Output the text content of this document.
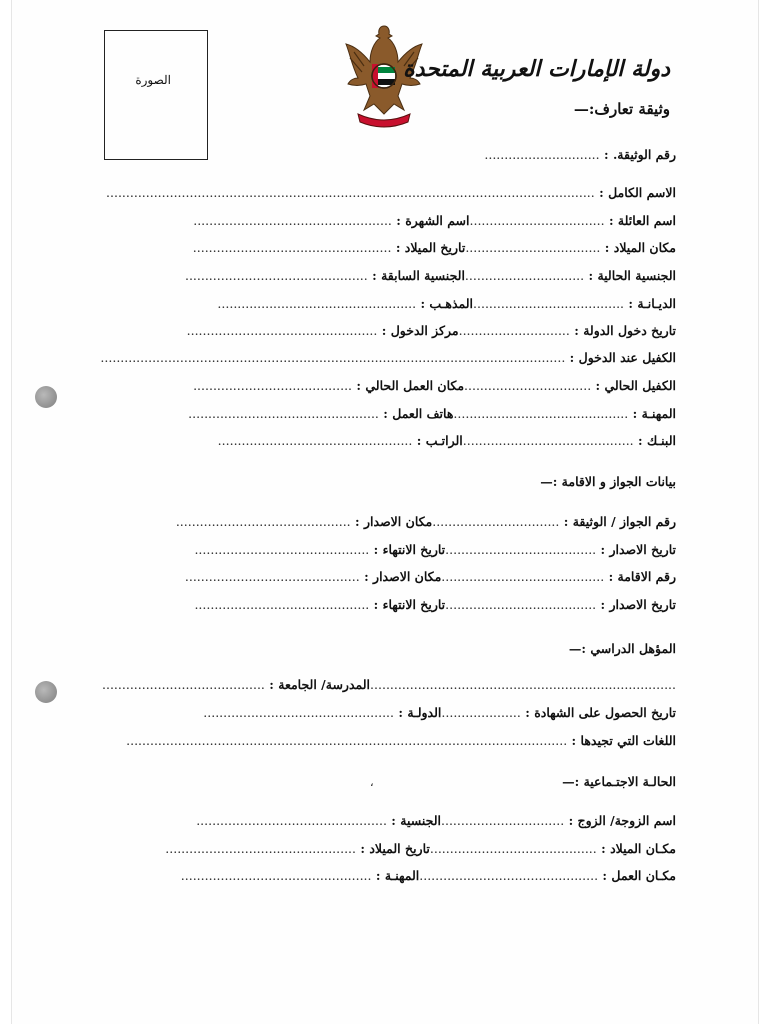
الصورة	دولة الإمارات العربية المتحدة
وثيقة تعارف:—
رقم الوثيقة. : .............................
الاسم الكامل : ...........................................................................................................................
اسم العائلة : ..................................اسم الشهرة : ..................................................
مكان الميلاد : ..................................تاريخ الميلاد : ..................................................
الجنسية الحالية : ..............................الجنسية السابقة : ..............................................
الديـانـة : ......................................المذهـب : ..................................................
تاريخ دخول الدولة : ............................مركز الدخول : ................................................
الكفيل عند الدخول : .....................................................................................................................
الكفيل الحالي : ................................مكان العمل الحالي : ........................................
المهنـة : ............................................هاتف العمل : ................................................
البنـك : ...........................................الراتـب : .................................................
بيانات الجواز و الاقامة :—
رقم الجواز / الوثيقة : ................................مكان الاصدار : ............................................
تاريخ الاصدار : ......................................تاريخ الانتهاء : ............................................
رقم الاقامة : .........................................مكان الاصدار : ............................................
تاريخ الاصدار : ......................................تاريخ الانتهاء : ............................................
المؤهل الدراسي :—
.............................................................................المدرسة/ الجامعة : .........................................
تاريخ الحصول على الشهادة : ....................الدولـة : ................................................
اللغات التي تجيدها : ...............................................................................................................
الحالـة الاجتـماعية :—
،
اسم الزوجة/ الزوج : ...............................الجنسية : ................................................
مكـان الميلاد : ..........................................تاريخ الميلاد : ................................................
مكـان العمل : .............................................المهنـة : ................................................
